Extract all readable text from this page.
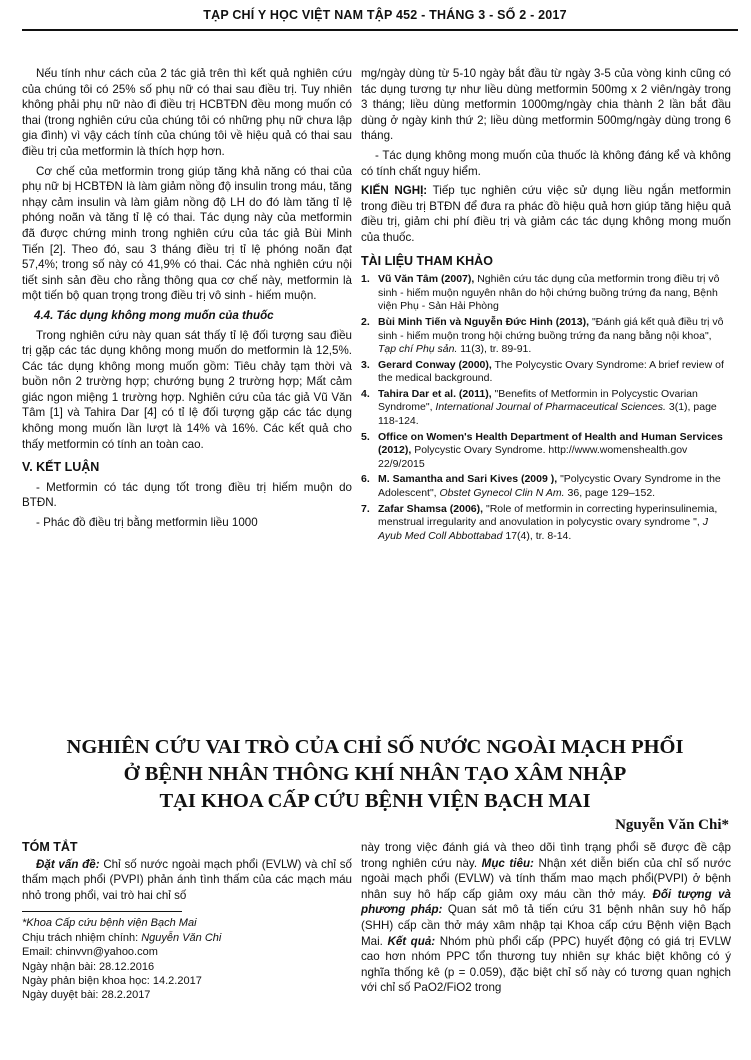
TẠP CHÍ Y HỌC VIỆT NAM TẬP 452 - THÁNG 3 - SỐ 2 - 2017

Nếu tính như cách của 2 tác giả trên thì kết quả nghiên cứu của chúng tôi có 25% số phụ nữ có thai sau điều trị. Tuy nhiên không phải phụ nữ nào đi điều trị HCBTĐN đều mong muốn có thai (trong nghiên cứu của chúng tôi có những phụ nữ chưa lập gia đình) vì vậy cách tính của chúng tôi về hiệu quả có thai sau điều trị của metformin là thích hợp hơn.

Cơ chế của metformin trong giúp tăng khả năng có thai của phụ nữ bị HCBTĐN là làm giảm nồng độ insulin trong máu, tăng nhạy cảm insulin và làm giảm nồng độ LH do đó làm tăng tỉ lệ phóng noãn và tăng tỉ lệ có thai. Tác dụng này của metformin đã được chứng minh trong nghiên cứu của tác giả Bùi Minh Tiến [2]. Theo đó, sau 3 tháng điều trị tỉ lệ phóng noãn đạt 57,4%; trong số này có 41,9% có thai. Các nhà nghiên cứu nội tiết sinh sản đều cho rằng thông qua cơ chế này, metformin là một tiến bộ quan trọng trong điều trị vô sinh - hiếm muộn.

4.4. Tác dụng không mong muốn của thuốc

Trong nghiên cứu này quan sát thấy tỉ lệ đối tượng sau điều trị gặp các tác dụng không mong muốn do metformin là 12,5%. Các tác dụng không mong muốn gồm: Tiêu chảy tạm thời và buồn nôn 2 trường hợp; chướng bụng 2 trường hợp; Mất cảm giác ngon miệng 1 trường hợp. Nghiên cứu của tác giả Vũ Văn Tâm [1] và Tahira Dar [4] có tỉ lệ đối tượng gặp các tác dụng không mong muốn lần lượt là 14% và 16%. Các kết quả cho thấy metformin có tính an toàn cao.

V. KẾT LUẬN

- Metformin có tác dụng tốt trong điều trị hiếm muộn do BTĐN.

- Phác đồ điều trị bằng metformin liều 1000

mg/ngày dùng từ 5-10 ngày bắt đầu từ ngày 3-5 của vòng kinh cũng có tác dụng tương tự như liều dùng metformin 500mg x 2 viên/ngày trong 3 tháng; liều dùng metformin 1000mg/ngày chia thành 2 lần bắt đầu dùng ở ngày kinh thứ 2; liều dùng metformin 500mg/ngày dùng trong 6 tháng.

- Tác dụng không mong muốn của thuốc là không đáng kể và không có tính chất nguy hiểm.

KIẾN NGHỊ: Tiếp tục nghiên cứu việc sử dụng liều ngắn metformin trong điều trị BTĐN để đưa ra phác đồ hiệu quả hơn giúp tăng hiệu quả điều trị, giảm chi phí điều trị và giảm các tác dụng không mong muốn của thuốc.

TÀI LIỆU THAM KHẢO
1. Vũ Văn Tâm (2007), Nghiên cứu tác dụng của metformin trong điều trị vô sinh - hiếm muộn nguyên nhân do hội chứng buồng trứng đa nang, Bệnh viện Phụ - Sản Hải Phòng
2. Bùi Minh Tiến và Nguyễn Đức Hinh (2013), "Đánh giá kết quả điều trị vô sinh - hiếm muộn trong hội chứng buồng trứng đa nang bằng nội khoa", Tạp chí Phụ sản. 11(3), tr. 89-91.
3. Gerard Conway (2000), The Polycystic Ovary Syndrome: A brief review of the medical background.
4. Tahira Dar et al. (2011), "Benefits of Metformin in Polycystic Ovarian Syndrome", International Journal of Pharmaceutical Sciences. 3(1), page 118-124.
5. Office on Women's Health Department of Health and Human Services (2012), Polycystic Ovary Syndrome. http://www.womenshealth.gov 22/9/2015
6. M. Samantha and Sari Kives (2009 ), "Polycystic Ovary Syndrome in the Adolescent", Obstet Gynecol Clin N Am. 36, page 129–152.
7. Zafar Shamsa (2006), "Role of metformin in correcting hyperinsulinemia, menstrual irregularity and anovulation in polycystic ovary syndrome ", J Ayub Med Coll Abbottabad 17(4), tr. 8-14.
NGHIÊN CỨU VAI TRÒ CỦA CHỈ SỐ NƯỚC NGOÀI MẠCH PHỔI
Ở BỆNH NHÂN THÔNG KHÍ NHÂN TẠO XÂM NHẬP
TẠI KHOA CẤP CỨU BỆNH VIỆN BẠCH MAI
Nguyễn Văn Chi*
TÓM TẮT

Đặt vấn đề: Chỉ số nước ngoài mạch phổi (EVLW) và chỉ số thấm mạch phổi (PVPI) phản ánh tình thấm của các mạch máu nhỏ trong phổi, vai trò hai chỉ số

*Khoa Cấp cứu bệnh viện Bạch Mai

Chịu trách nhiệm chính: Nguyễn Văn Chi

Email: chinvvn@yahoo.com

Ngày nhận bài: 28.12.2016

Ngày phản biện khoa học: 14.2.2017

Ngày duyệt bài: 28.2.2017

này trong việc đánh giá và theo dõi tình trạng phổi sẽ được đề cập trong nghiên cứu này. Mục tiêu: Nhận xét diễn biến của chỉ số nước ngoài mạch phổi (EVLW) và tính thấm mao mạch phổi(PVPI) ở bệnh nhân suy hô hấp cấp giảm oxy máu cần thở máy. Đối tượng và phương pháp: Quan sát mô tả tiến cứu 31 bệnh nhân suy hô hấp (SHH) cấp cần thở máy xâm nhập tại Khoa cấp cứu Bệnh viện Bạch Mai. Kết quả: Nhóm phù phổi cấp (PPC) huyết động có giá trị EVLW cao hơn nhóm PPC tổn thương tuy nhiên sự khác biệt không có ý nghĩa thống kê (p = 0.059), đặc biệt chỉ số này có tương quan nghịch với chỉ số PaO2/FiO2 trong
